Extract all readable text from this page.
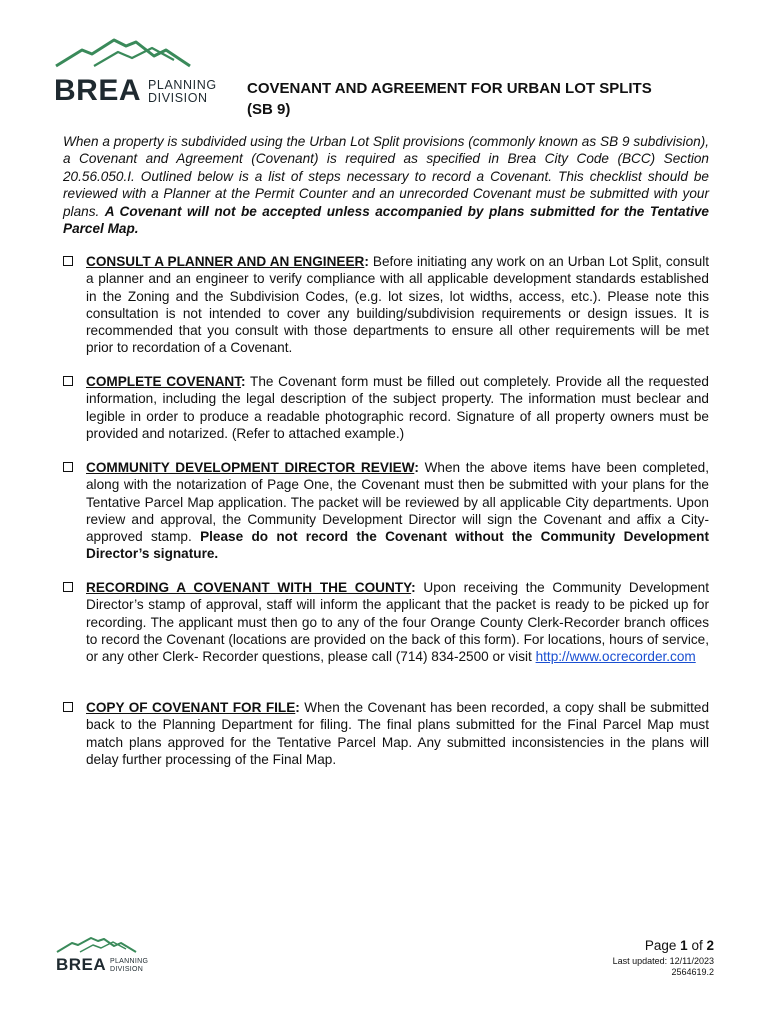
BREA PLANNING
DIVISION
COVENANT AND AGREEMENT FOR URBAN LOT SPLITS
(SB 9)
When a property is subdivided using the Urban Lot Split provisions (commonly known as SB 9 subdivision), a Covenant and Agreement (Covenant) is required as specified in Brea City Code (BCC) Section 20.56.050.I. Outlined below is a list of steps necessary to record a Covenant. This checklist should be reviewed with a Planner at the Permit Counter and an unrecorded Covenant must be submitted with your plans. A Covenant will not be accepted unless accompanied by plans submitted for the Tentative Parcel Map.
CONSULT A PLANNER AND AN ENGINEER: Before initiating any work on an Urban Lot Split, consult a planner and an engineer to verify compliance with all applicable development standards established in the Zoning and the Subdivision Codes, (e.g. lot sizes, lot widths, access, etc.). Please note this consultation is not intended to cover any building/subdivision requirements or design issues. It is recommended that you consult with those departments to ensure all other requirements will be met prior to recordation of a Covenant.
COMPLETE COVENANT: The Covenant form must be filled out completely. Provide all the requested information, including the legal description of the subject property. The information must beclear and legible in order to produce a readable photographic record. Signature of all property owners must be provided and notarized. (Refer to attached example.)
COMMUNITY DEVELOPMENT DIRECTOR REVIEW: When the above items have been completed, along with the notarization of Page One, the Covenant must then be submitted with your plans for the Tentative Parcel Map application. The packet will be reviewed by all applicable City departments. Upon review and approval, the Community Development Director will sign the Covenant and affix a City-approved stamp. Please do not record the Covenant without the Community Development Director’s signature.
RECORDING A COVENANT WITH THE COUNTY: Upon receiving the Community Development Director’s stamp of approval, staff will inform the applicant that the packet is ready to be picked up for recording. The applicant must then go to any of the four Orange County Clerk-Recorder branch offices to record the Covenant (locations are provided on the back of this form). For locations, hours of service, or any other Clerk- Recorder questions, please call (714) 834-2500 or visit http://www.ocrecorder.com
COPY OF COVENANT FOR FILE: When the Covenant has been recorded, a copy shall be submitted back to the Planning Department for filing. The final plans submitted for the Final Parcel Map must match plans approved for the Tentative Parcel Map. Any submitted inconsistencies in the plans will delay further processing of the Final Map.
BREA PLANNING
DIVISION
Page 1 of 2
Last updated: 12/11/2023
2564619.2
